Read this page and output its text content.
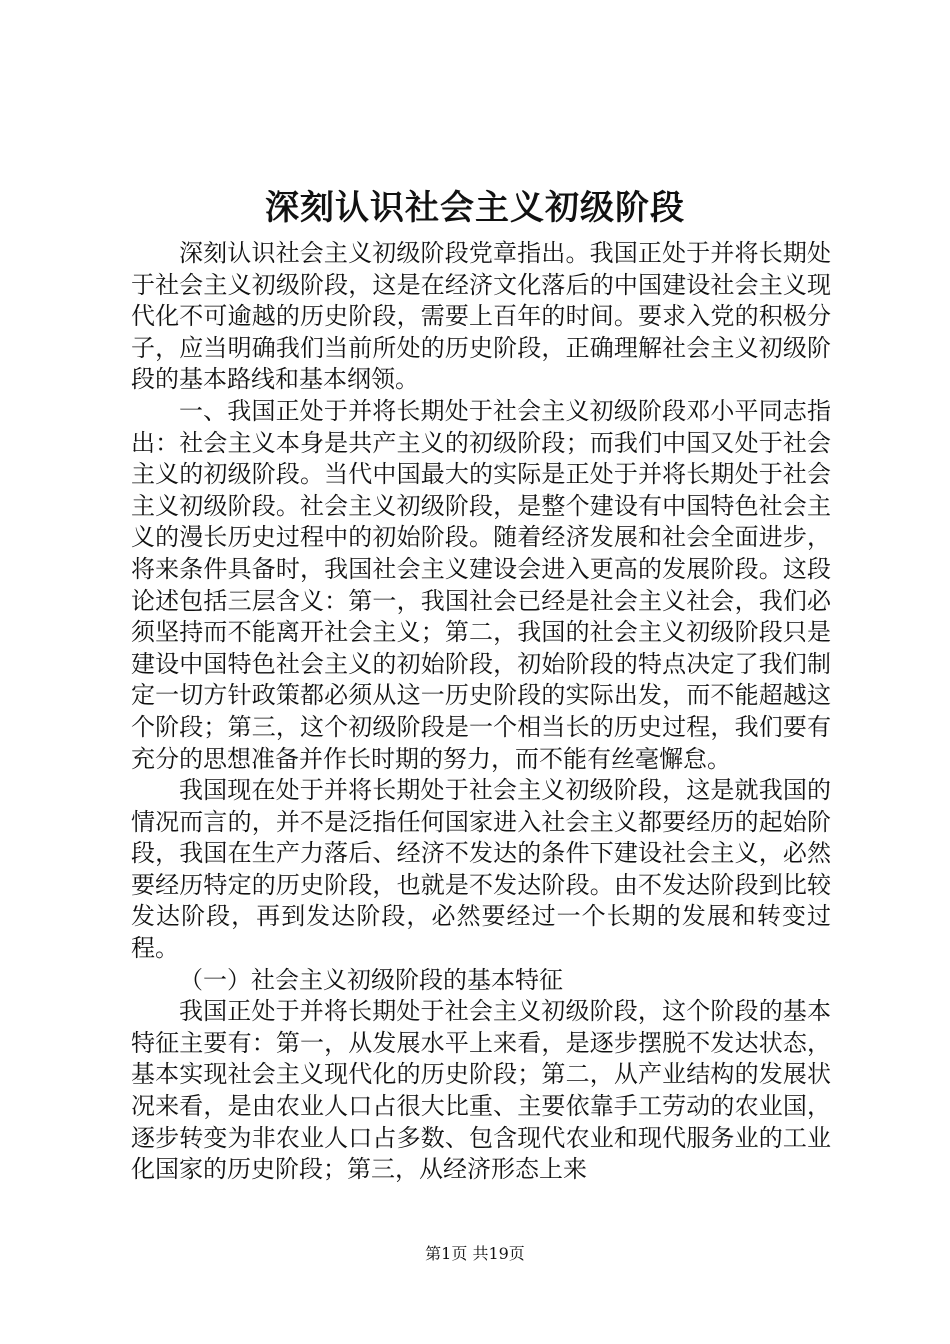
深刻认识社会主义初级阶段

深刻认识社会主义初级阶段党章指出。我国正处于并将长期处于社会主义初级阶段，这是在经济文化落后的中国建设社会主义现代化不可逾越的历史阶段，需要上百年的时间。要求入党的积极分子，应当明确我们当前所处的历史阶段，正确理解社会主义初级阶段的基本路线和基本纲领。

一、我国正处于并将长期处于社会主义初级阶段邓小平同志指出：社会主义本身是共产主义的初级阶段；而我们中国又处于社会主义的初级阶段。当代中国最大的实际是正处于并将长期处于社会主义初级阶段。社会主义初级阶段，是整个建设有中国特色社会主义的漫长历史过程中的初始阶段。随着经济发展和社会全面进步，将来条件具备时，我国社会主义建设会进入更高的发展阶段。这段论述包括三层含义：第一，我国社会已经是社会主义社会，我们必须坚持而不能离开社会主义；第二，我国的社会主义初级阶段只是建设中国特色社会主义的初始阶段，初始阶段的特点决定了我们制定一切方针政策都必须从这一历史阶段的实际出发，而不能超越这个阶段；第三，这个初级阶段是一个相当长的历史过程，我们要有充分的思想准备并作长时期的努力，而不能有丝毫懈怠。

我国现在处于并将长期处于社会主义初级阶段，这是就我国的情况而言的，并不是泛指任何国家进入社会主义都要经历的起始阶段，我国在生产力落后、经济不发达的条件下建设社会主义，必然要经历特定的历史阶段，也就是不发达阶段。由不发达阶段到比较发达阶段，再到发达阶段，必然要经过一个长期的发展和转变过程。

（一）社会主义初级阶段的基本特征

我国正处于并将长期处于社会主义初级阶段，这个阶段的基本特征主要有：第一，从发展水平上来看，是逐步摆脱不发达状态，基本实现社会主义现代化的历史阶段；第二，从产业结构的发展状况来看，是由农业人口占很大比重、主要依靠手工劳动的农业国，逐步转变为非农业人口占多数、包含现代农业和现代服务业的工业化国家的历史阶段；第三，从经济形态上来

第1页 共19页
